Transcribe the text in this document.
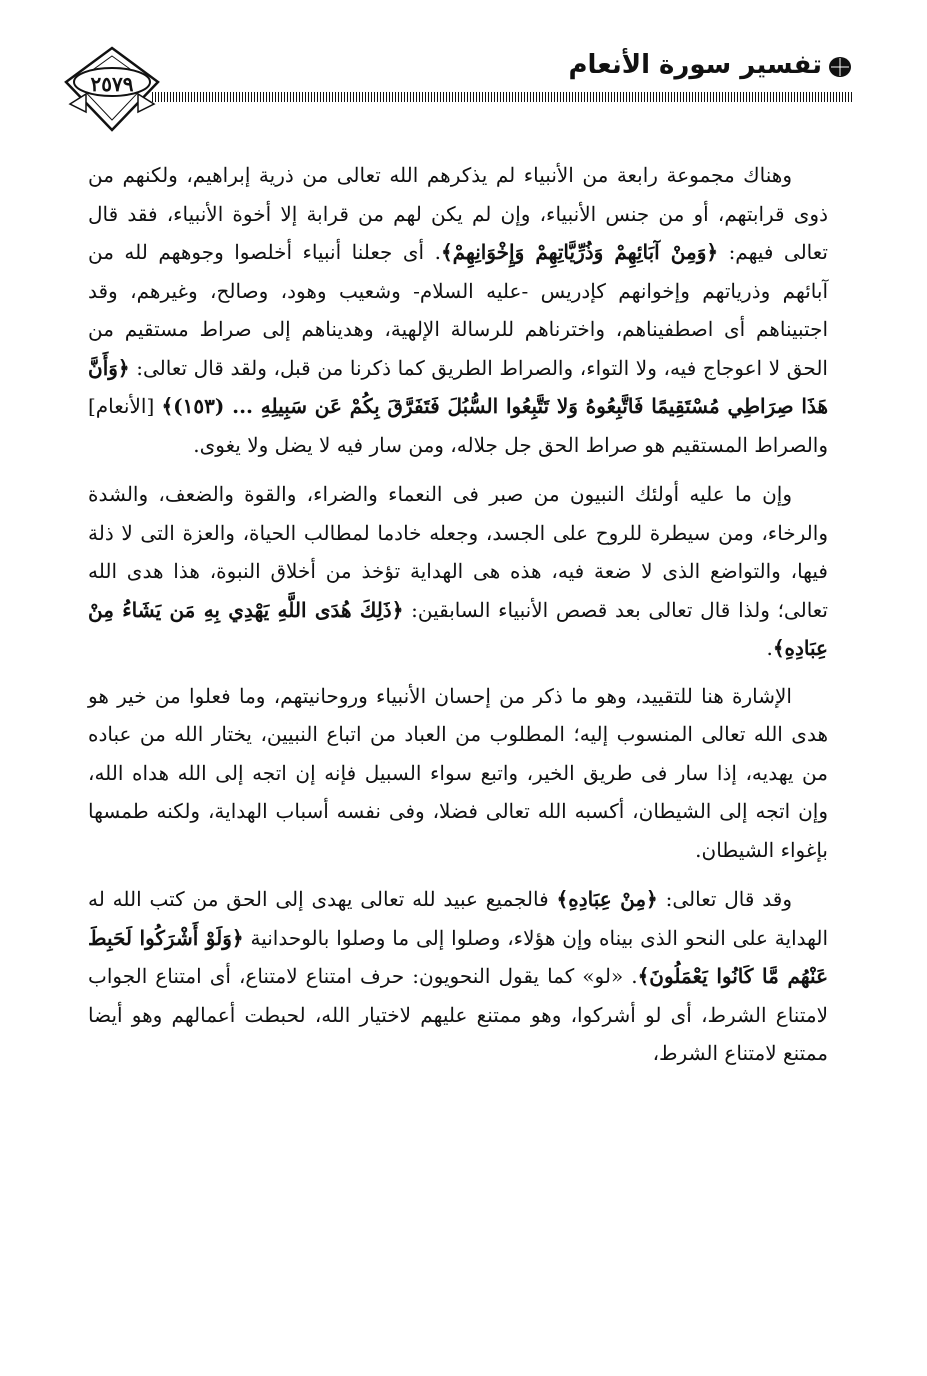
تفسير سورة الأنعام
٢٥٧٩

وهناك مجموعة رابعة من الأنبياء لم يذكرهم الله تعالى من ذرية إبراهيم، ولكنهم من ذوى قرابتهم، أو من جنس الأنبياء، وإن لم يكن لهم من قرابة إلا أخوة الأنبياء، فقد قال تعالى فيهم: ﴿وَمِنْ آبَائِهِمْ وَذُرِّيَّاتِهِمْ وَإِخْوَانِهِمْ﴾. أى جعلنا أنبياء أخلصوا وجوههم لله من آبائهم وذرياتهم وإخوانهم كإدريس -عليه السلام- وشعيب وهود، وصالح، وغيرهم، وقد اجتبيناهم أى اصطفيناهم، واخترناهم للرسالة الإلهية، وهديناهم إلى صراط مستقيم من الحق لا اعوجاج فيه، ولا التواء، والصراط الطريق كما ذكرنا من قبل، ولقد قال تعالى: ﴿وَأَنَّ هَذَا صِرَاطِي مُسْتَقِيمًا فَاتَّبِعُوهُ وَلا تَتَّبِعُوا السُّبُلَ فَتَفَرَّقَ بِكُمْ عَن سَبِيلِهِ ... (١٥٣)﴾ [الأنعام] والصراط المستقيم هو صراط الحق جل جلاله، ومن سار فيه لا يضل ولا يغوى.

وإن ما عليه أولئك النبيون من صبر فى النعماء والضراء، والقوة والضعف، والشدة والرخاء، ومن سيطرة للروح على الجسد، وجعله خادما لمطالب الحياة، والعزة التى لا ذلة فيها، والتواضع الذى لا ضعة فيه، هذه هى الهداية تؤخذ من أخلاق النبوة، هذا هدى الله تعالى؛ ولذا قال تعالى بعد قصص الأنبياء السابقين: ﴿ذَلِكَ هُدَى اللَّهِ يَهْدِي بِهِ مَن يَشَاءُ مِنْ عِبَادِهِ﴾.

الإشارة هنا للتقييد، وهو ما ذكر من إحسان الأنبياء وروحانيتهم، وما فعلوا من خير هو هدى الله تعالى المنسوب إليه؛ المطلوب من العباد من اتباع النبيين، يختار الله من عباده من يهديه، إذا سار فى طريق الخير، واتبع سواء السبيل فإنه إن اتجه إلى الله هداه الله، وإن اتجه إلى الشيطان، أكسبه الله تعالى فضلا، وفى نفسه أسباب الهداية، ولكنه طمسها بإغواء الشيطان.

وقد قال تعالى: ﴿مِنْ عِبَادِهِ﴾ فالجميع عبيد لله تعالى يهدى إلى الحق من كتب الله له الهداية على النحو الذى بيناه وإن هؤلاء، وصلوا إلى ما وصلوا بالوحدانية ﴿وَلَوْ أَشْرَكُوا لَحَبِطَ عَنْهُم مَّا كَانُوا يَعْمَلُونَ﴾. «لو» كما يقول النحويون: حرف امتناع لامتناع، أى امتناع الجواب لامتناع الشرط، أى لو أشركوا، وهو ممتنع عليهم لاختيار الله، لحبطت أعمالهم وهو أيضا ممتنع لامتناع الشرط،
